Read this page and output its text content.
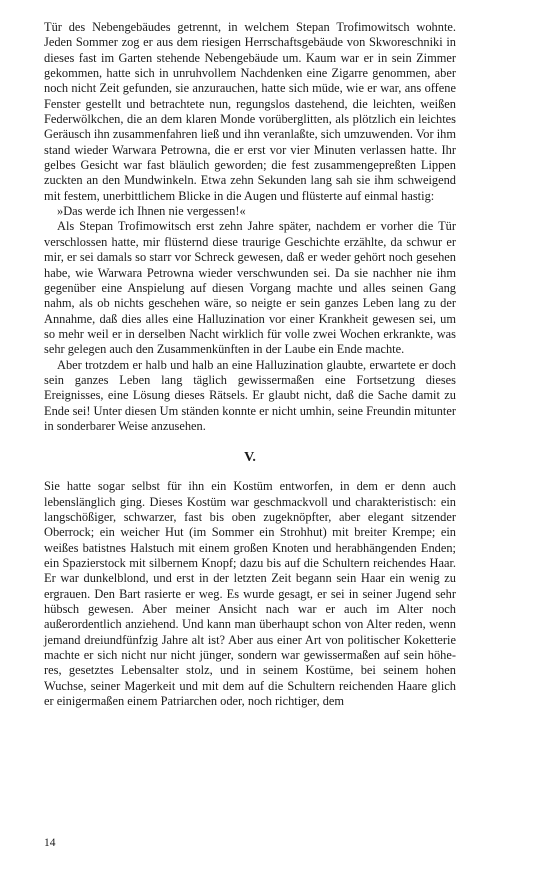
Tür des Nebengebäudes getrennt, in welchem Stepan Trofimowitsch wohnte. Jeden Sommer zog er aus dem riesigen Herrschaftsgebäude von Skworeschniki in dieses fast im Garten stehende Nebengebäude um. Kaum war er in sein Zimmer gekommen, hatte sich in unruhvollem Nachdenken eine Zigarre genommen, aber noch nicht Zeit gefunden, sie anzurauchen, hatte sich müde, wie er war, ans offene Fenster gestellt und betrachtete nun, regungslos dastehend, die leichten, weißen Federwölkchen, die an dem klaren Monde vorüberglitten, als plötzlich ein leichtes Geräusch ihn zusammenfahren ließ und ihn veranlaßte, sich umzuwenden. Vor ihm stand wieder Warwara Petrowna, die er erst vor vier Minuten verlassen hatte. Ihr gelbes Gesicht war fast bläulich geworden; die fest zusammengepreßten Lippen zuckten an den Mundwinkeln. Etwa zehn Sekunden lang sah sie ihm schweigend mit festem, unerbittlichem Blicke in die Augen und flüsterte auf einmal hastig:

»Das werde ich Ihnen nie vergessen!«

Als Stepan Trofimowitsch erst zehn Jahre später, nachdem er vorher die Tür verschlossen hatte, mir flüsternd diese traurige Geschichte erzählte, da schwur er mir, er sei damals so starr vor Schreck gewesen, daß er weder gehört noch gesehen habe, wie Warwara Petrowna wieder verschwunden sei. Da sie nachher nie ihm gegenüber eine Anspielung auf diesen Vorgang machte und alles seinen Gang nahm, als ob nichts geschehen wäre, so neigte er sein ganzes Leben lang zu der Annahme, daß dies alles eine Halluzination vor einer Krankheit gewesen sei, um so mehr weil er in derselben Nacht wirklich für volle zwei Wochen erkrankte, was sehr gelegen auch den Zusammenkünften in der Laube ein Ende machte.

Aber trotzdem er halb und halb an eine Halluzination glaubte, erwartete er doch sein ganzes Leben lang täglich gewissermaßen eine Fortsetzung dieses Ereignisses, eine Lösung dieses Rätsels. Er glaubt nicht, daß die Sache damit zu Ende sei! Unter diesen Um ständen konnte er nicht umhin, seine Freundin mitunter in sonderbarer Weise anzusehen.

V.

Sie hatte sogar selbst für ihn ein Kostüm entworfen, in dem er denn auch lebenslänglich ging. Dieses Kostüm war geschmackvoll und charakteristisch: ein langschößiger, schwarzer, fast bis oben zugeknöpfter, aber elegant sitzender Oberrock; ein weicher Hut (im Sommer ein Strohhut) mit breiter Krempe; ein weißes batistnes Halstuch mit einem großen Knoten und herabhängenden Enden; ein Spazierstock mit silbernem Knopf; dazu bis auf die Schultern reichendes Haar. Er war dunkelblond, und erst in der letzten Zeit begann sein Haar ein wenig zu ergrauen. Den Bart rasierte er weg. Es wurde gesagt, er sei in seiner Jugend sehr hübsch gewesen. Aber meiner Ansicht nach war er auch im Alter noch außerordentlich anziehend. Und kann man überhaupt schon von Alter reden, wenn jemand dreiundfünfzig Jahre alt ist? Aber aus einer Art von politischer Koketterie machte er sich nicht nur nicht jünger, sondern war gewissermaßen auf sein höheres, gesetztes Lebensalter stolz, und in seinem Kostüme, bei seinem hohen Wuchse, seiner Magerkeit und mit dem auf die Schultern reichenden Haare glich er einigermaßen einem Patriarchen oder, noch richtiger, dem

14
